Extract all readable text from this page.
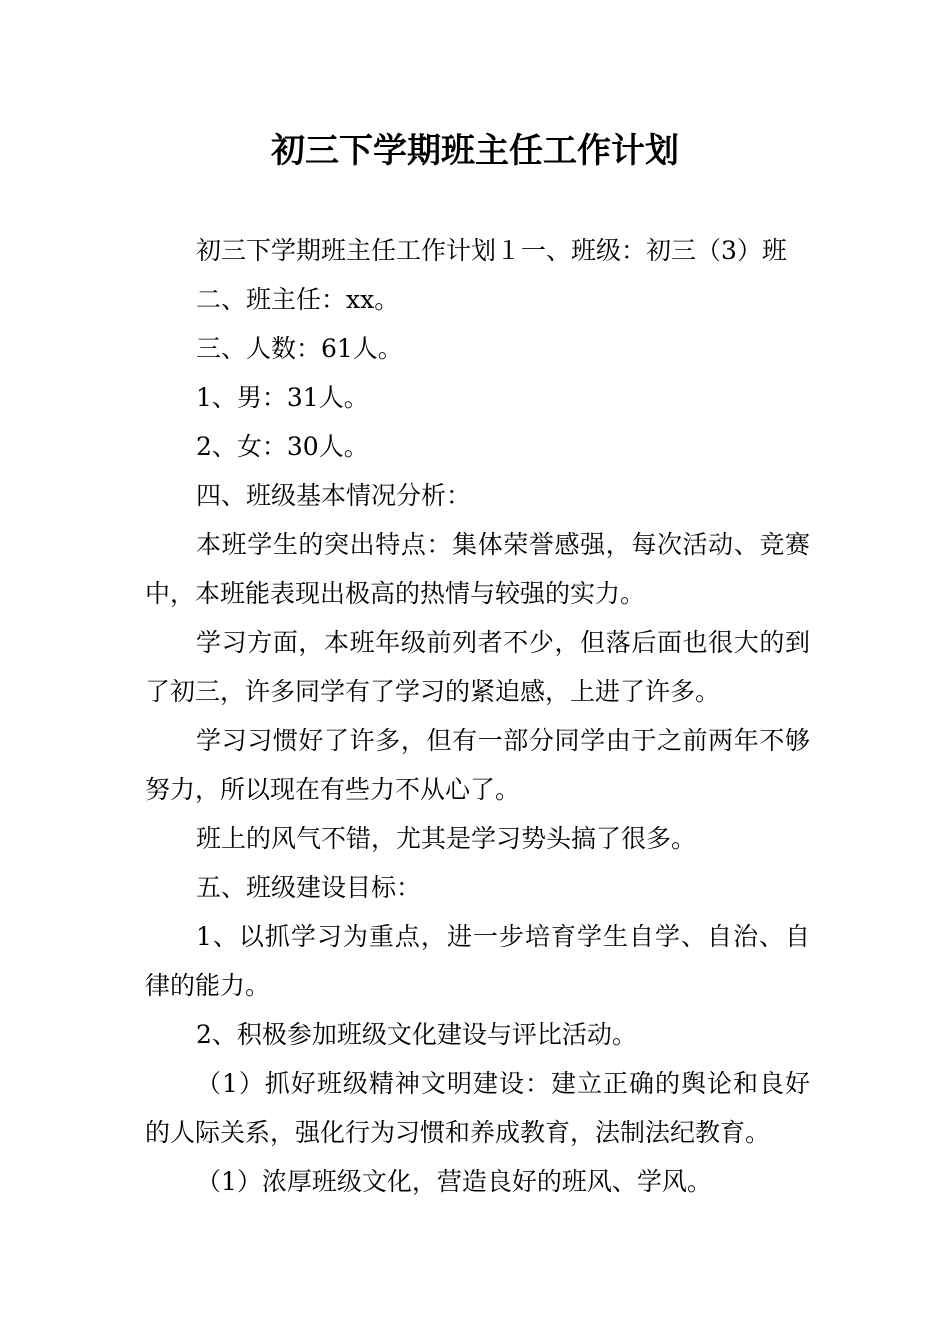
初三下学期班主任工作计划

初三下学期班主任工作计划１一、班级：初三（3）班

二、班主任：xx。

三、人数：61人。

1、男：31人。

2、女：30人。

四、班级基本情况分析：

本班学生的突出特点：集体荣誉感强，每次活动、竞赛中，本班能表现出极高的热情与较强的实力。

学习方面，本班年级前列者不少，但落后面也很大的到了初三，许多同学有了学习的紧迫感，上进了许多。

学习习惯好了许多，但有一部分同学由于之前两年不够努力，所以现在有些力不从心了。

班上的风气不错，尤其是学习势头搞了很多。

五、班级建设目标：

1、以抓学习为重点，进一步培育学生自学、自治、自律的能力。

2、积极参加班级文化建设与评比活动。

（1）抓好班级精神文明建设：建立正确的舆论和良好的人际关系，强化行为习惯和养成教育，法制法纪教育。

（1）浓厚班级文化，营造良好的班风、学风。
